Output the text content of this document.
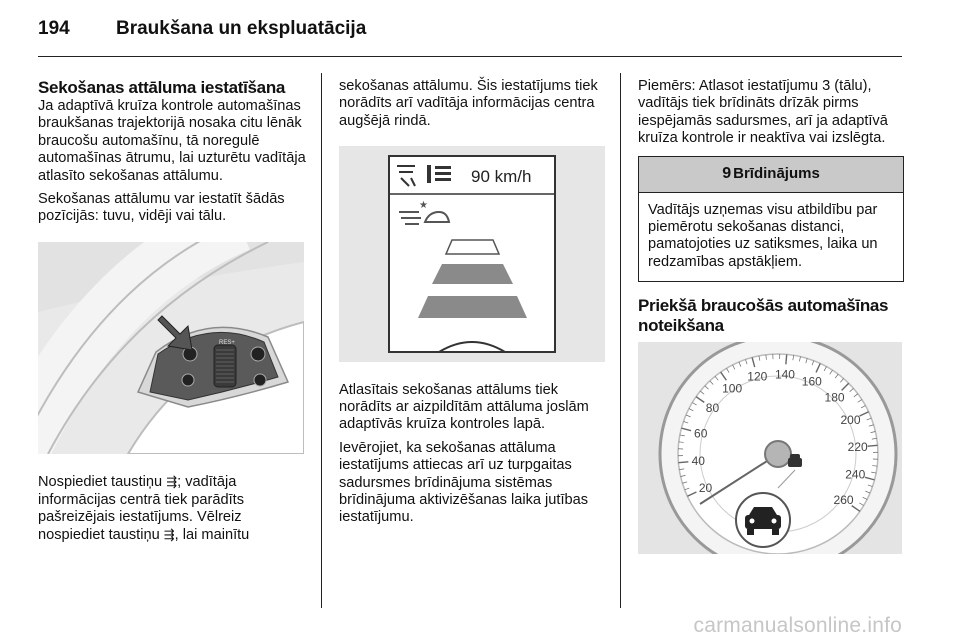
194	Braukšana un ekspluatācija
Sekošanas attāluma iestatīšana

Ja adaptīvā kruīza kontrole automašīnas braukšanas trajektorijā nosaka citu lēnāk braucošu automašīnu, tā noregulē automašīnas ātrumu, lai uzturētu vadītāja atlasīto sekošanas attālumu.

Sekošanas attālumu var iestatīt šādās pozīcijās: tuvu, vidēji vai tālu.

RES+

Nospiediet taustiņu ⇶; vadītāja informācijas centrā tiek parādīts pašreizējais iestatījums. Vēlreiz nospiediet taustiņu ⇶, lai mainītu

sekošanas attālumu. Šis iestatījums tiek norādīts arī vadītāja informācijas centra augšējā rindā.

90 km/h
★

Atlasītais sekošanas attālums tiek norādīts ar aizpildītām attāluma joslām adaptīvās kruīza kontroles lapā.

Ievērojiet, ka sekošanas attāluma iestatījums attiecas arī uz turpgaitas sadursmes brīdinājuma sistēmas brīdinājuma aktivizēšanas laika jutības iestatījumu.

Piemērs: Atlasot iestatījumu 3 (tālu), vadītājs tiek brīdināts drīzāk pirms iespējamās sadursmes, arī ja adaptīvā kruīza kontrole ir neaktīva vai izslēgta.

9 Brīdinājums
Vadītājs uzņemas visu atbildību par piemērotu sekošanas distanci, pamatojoties uz satiksmes, laika un redzamības apstākļiem.
Priekšā braucošās automašīnas noteikšana
20
40
60
80
100
120 140
160
180
200
220
240
260
carmanualsonline.info
